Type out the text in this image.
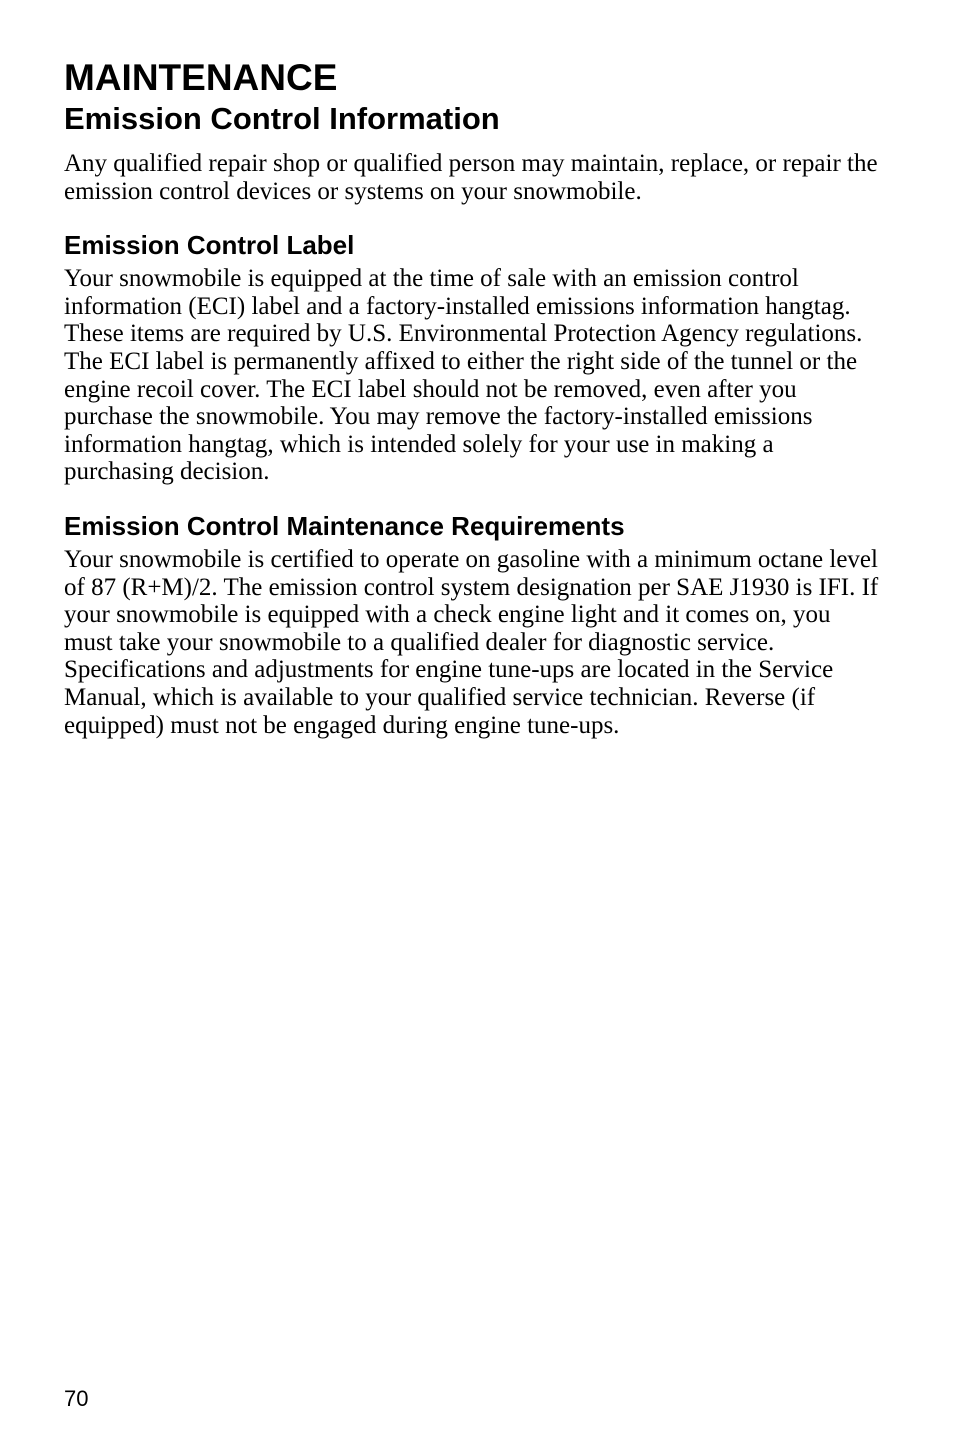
MAINTENANCE
Emission Control Information

Any qualified repair shop or qualified person may maintain, replace, or repair the emission control devices or systems on your snowmobile.

Emission Control Label

Your snowmobile is equipped at the time of sale with an emission control information (ECI) label and a factory-installed emissions information hangtag. These items are required by U.S. Environmental Protection Agency regulations. The ECI label is permanently affixed to either the right side of the tunnel or the engine recoil cover. The ECI label should not be removed, even after you purchase the snowmobile. You may remove the factory-installed emissions information hangtag, which is intended solely for your use in making a purchasing decision.

Emission Control Maintenance Requirements

Your snowmobile is certified to operate on gasoline with a minimum octane level of 87 (R+M)/2. The emission control system designation per SAE J1930 is IFI. If your snowmobile is equipped with a check engine light and it comes on, you must take your snowmobile to a qualified dealer for diagnostic service. Specifications and adjustments for engine tune-ups are located in the Service Manual, which is available to your qualified service technician. Reverse (if equipped) must not be engaged during engine tune-ups.

70
